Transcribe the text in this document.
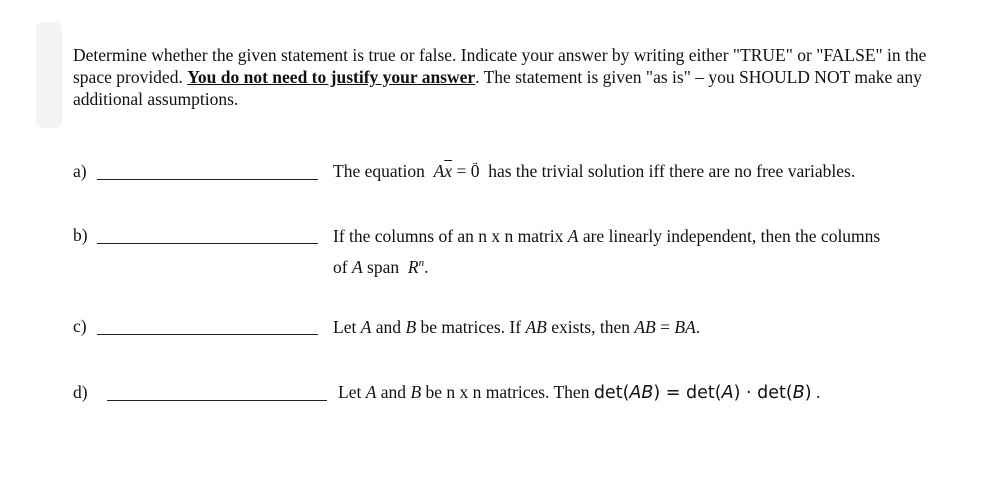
Determine whether the given statement is true or false. Indicate your answer by writing either "TRUE" or "FALSE" in the space provided. You do not need to justify your answer. The statement is given "as is" – you SHOULD NOT make any additional assumptions.
a)	The equation $A\overline{x}$ = → 0 has the trivial solution iff there are no free variables.
b)	If the columns of an n x n matrix A are linearly independent, then the columns
of A span $R^n$.
c)	Let A and B be matrices. If AB exists, then AB = BA.
d)	Let A and B be n x n matrices. Then det(AB) = det(A) · det(B) .
